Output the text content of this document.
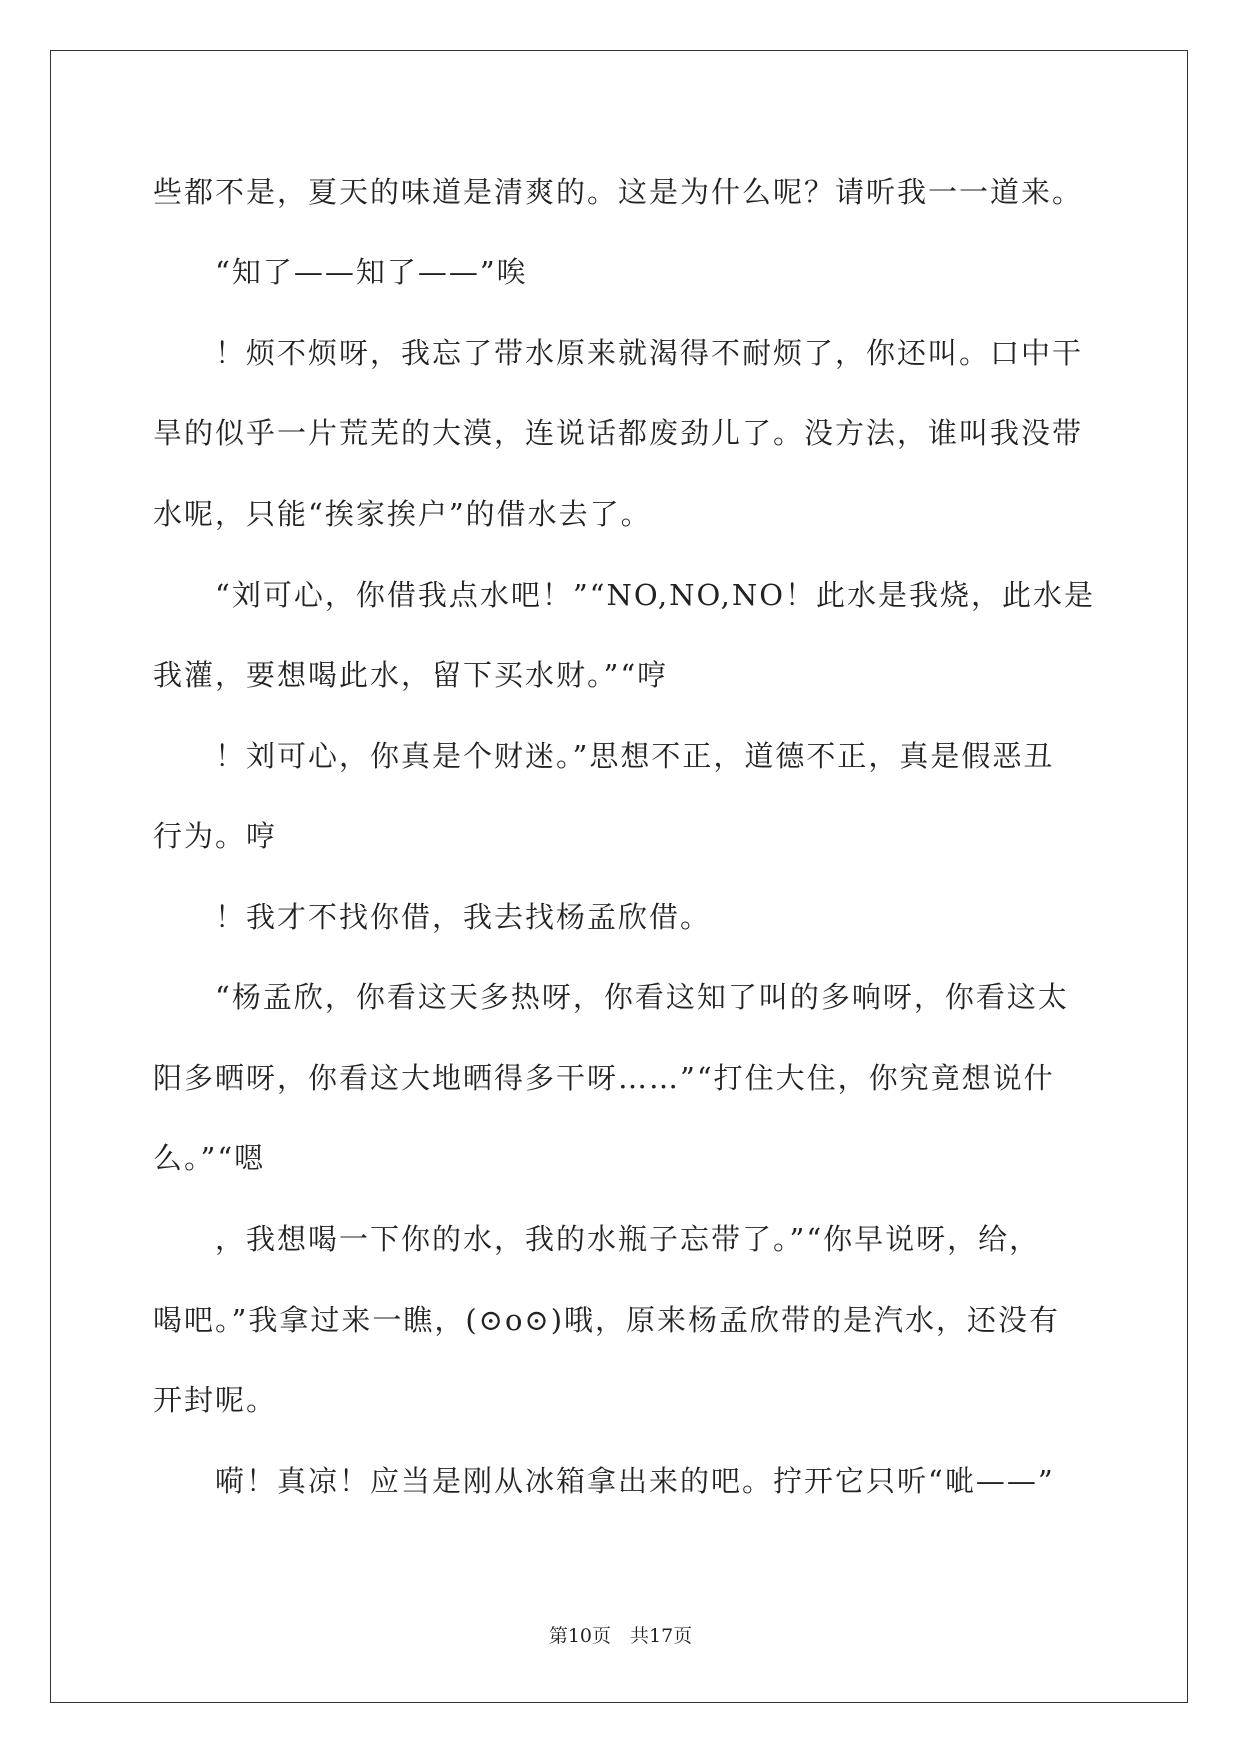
些都不是，夏天的味道是清爽的。这是为什么呢？请听我一一道来。
　　“知了——知了——”唉
　　！烦不烦呀，我忘了带水原来就渴得不耐烦了，你还叫。口中干
旱的似乎一片荒芜的大漠，连说话都废劲儿了。没方法，谁叫我没带
水呢，只能“挨家挨户”的借水去了。
　　“刘可心，你借我点水吧！”“NO,NO,NO！此水是我烧，此水是
我灌，要想喝此水，留下买水财。”“哼
　　！刘可心，你真是个财迷。”思想不正，道德不正，真是假恶丑
行为。哼
　　！我才不找你借，我去找杨孟欣借。
　　“杨孟欣，你看这天多热呀，你看这知了叫的多响呀，你看这太
阳多晒呀，你看这大地晒得多干呀……”“打住大住，你究竟想说什
么。”“嗯
　　，我想喝一下你的水，我的水瓶子忘带了。”“你早说呀，给，
喝吧。”我拿过来一瞧，(⊙o⊙)哦，原来杨孟欣带的是汽水，还没有
开封呢。
　　嗬！真凉！应当是刚从冰箱拿出来的吧。拧开它只听“呲——”
第10页　共17页
